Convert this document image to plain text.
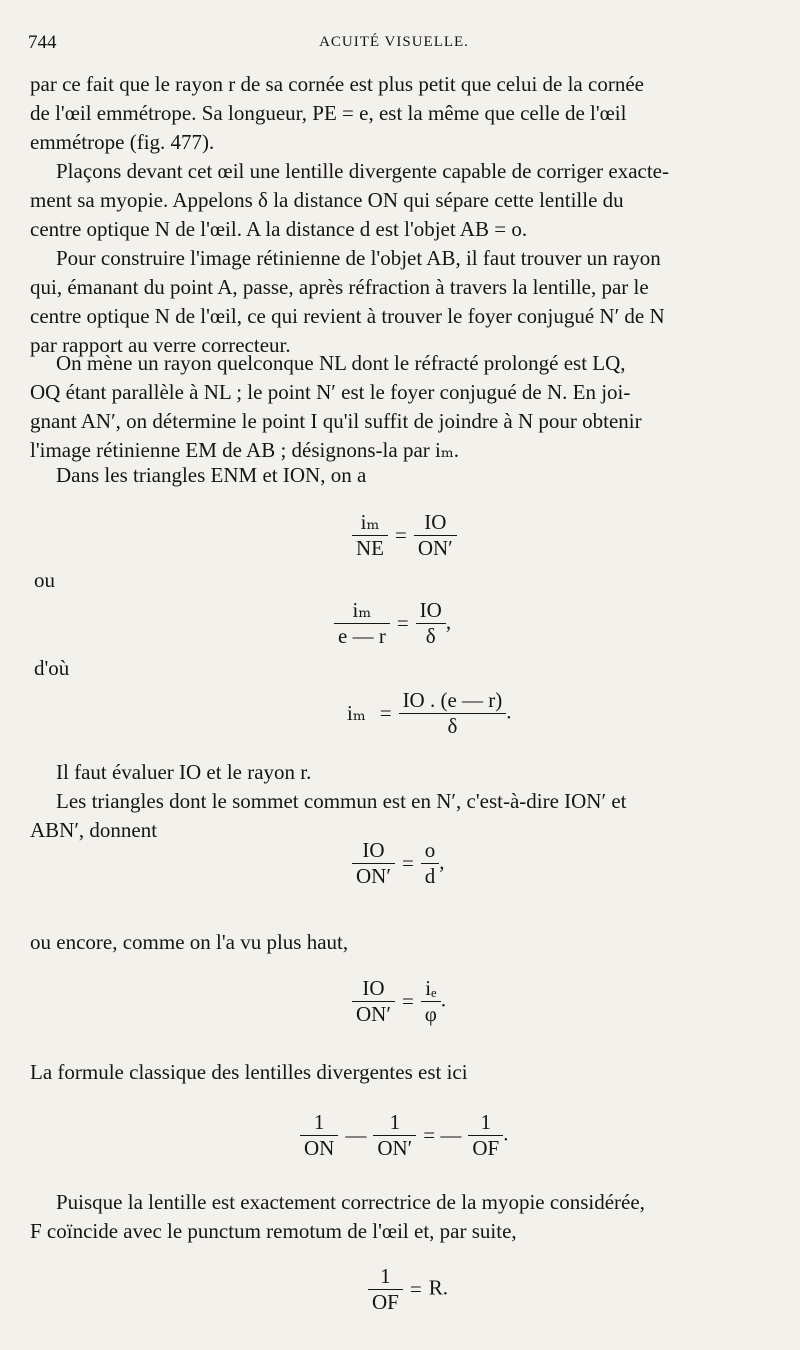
744	ACUITÉ VISUELLE.
par ce fait que le rayon r de sa cornée est plus petit que celui de la cornée
de l'œil emmétrope. Sa longueur, PE = e, est la même que celle de l'œil
emmétrope (fig. 477).
Plaçons devant cet œil une lentille divergente capable de corriger exacte-
ment sa myopie. Appelons δ la distance ON qui sépare cette lentille du
centre optique N de l'œil. A la distance d est l'objet AB = o.
Pour construire l'image rétinienne de l'objet AB, il faut trouver un rayon
qui, émanant du point A, passe, après réfraction à travers la lentille, par le
centre optique N de l'œil, ce qui revient à trouver le foyer conjugué N′ de N
par rapport au verre correcteur.
On mène un rayon quelconque NL dont le réfracté prolongé est LQ,
OQ étant parallèle à NL ; le point N′ est le foyer conjugué de N. En joi-
gnant AN′, on détermine le point I qu'il suffit de joindre à N pour obtenir
l'image rétinienne EM de AB ; désignons-la par iₘ.
Dans les triangles ENM et ION, on a
$\frac{\text{iₘ}}{NE} = \frac{IO}{ON'}$
ou
$\frac{\text{iₘ}}{e — r} = \frac{IO}{\delta}$ ,
d'où
$i_m = \frac{IO . (e — r)}{\delta}$ .
Il faut évaluer IO et le rayon r.
Les triangles dont le sommet commun est en N′, c'est-à-dire ION′ et
ABN′, donnent
$\frac{IO}{ON'} = \frac{o}{d}$ ,
ou encore, comme on l'a vu plus haut,
$\frac{IO}{ON'} = \frac{\text{iₑ}}{\varphi}$ .
La formule classique des lentilles divergentes est ici
$\frac{1}{ON}$ — $\frac{1}{ON'}$ = — $\frac{1}{OF}$ .
Puisque la lentille est exactement correctrice de la myopie considérée,
F coïncide avec le punctum remotum de l'œil et, par suite,
$\frac{1}{OF} = R$.
